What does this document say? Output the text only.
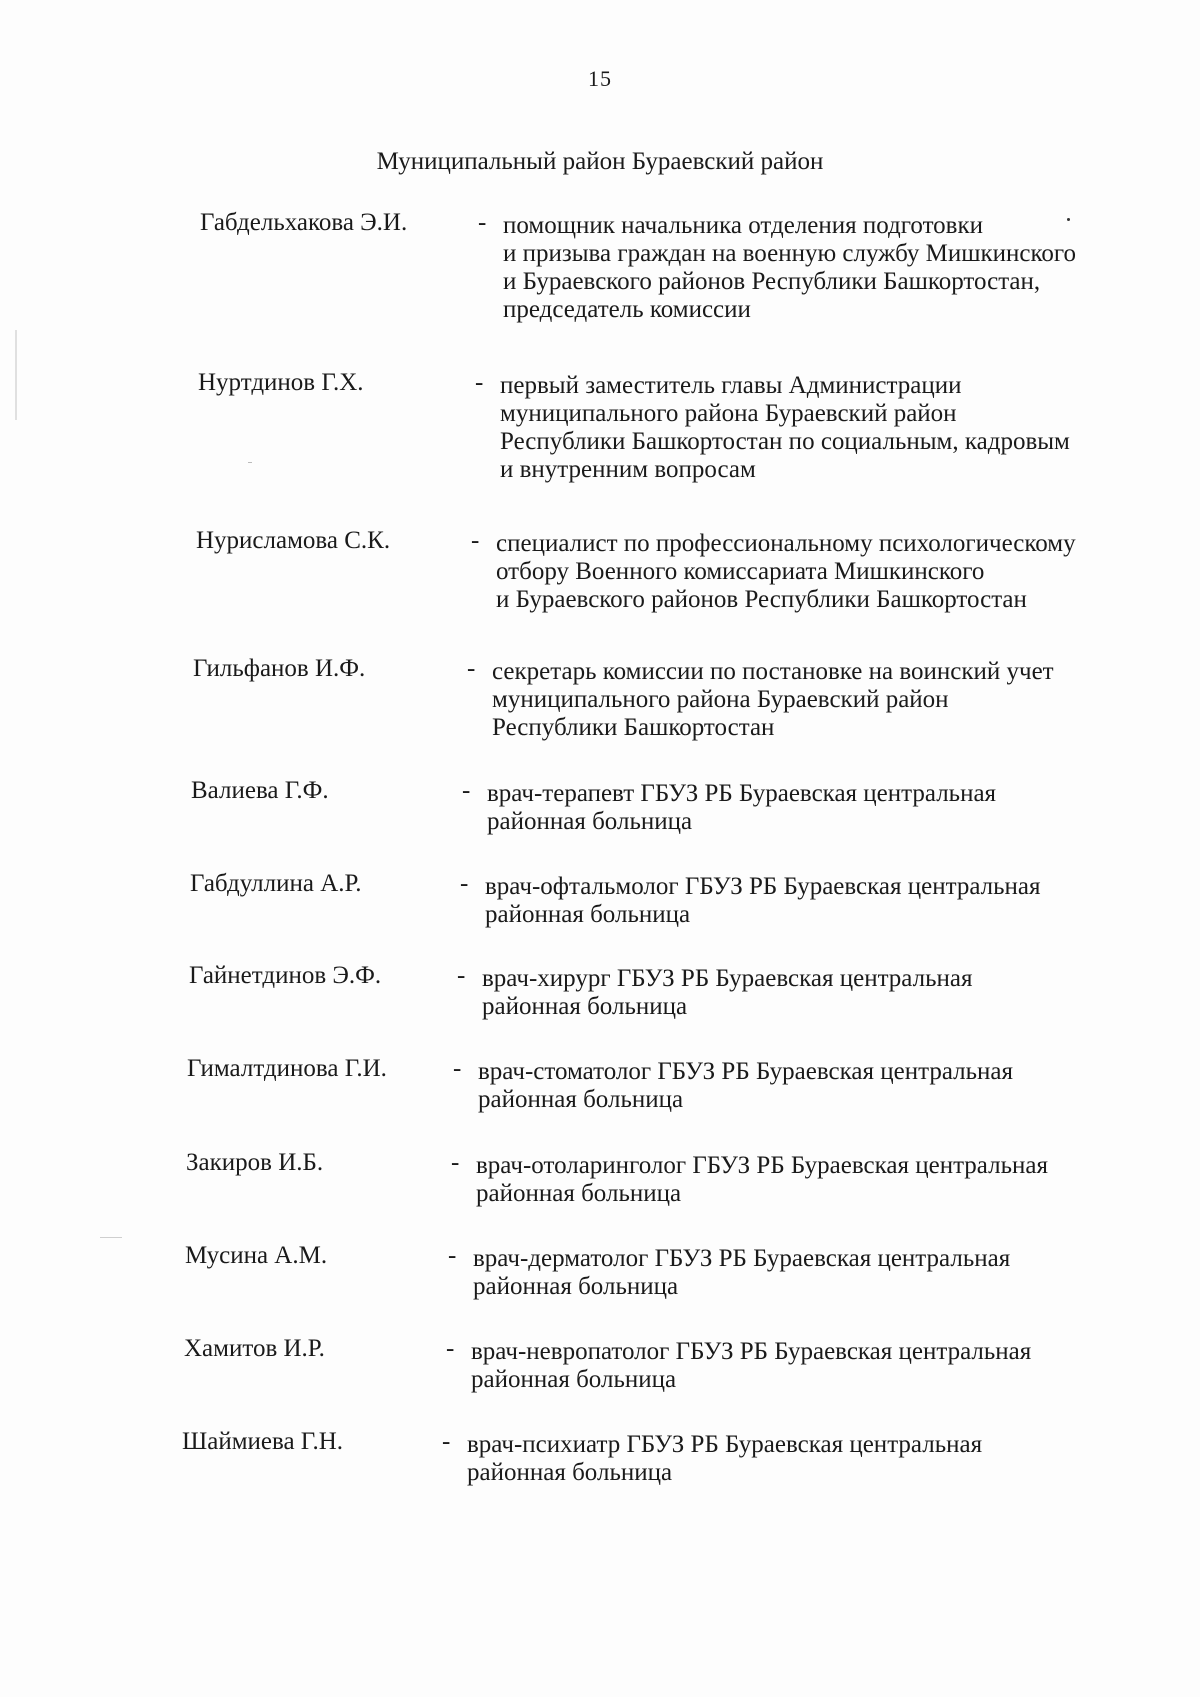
15
Муниципальный район Бураевский район
Габдельхакова Э.И.	- помощник начальника отделения подготовки
и призыва граждан на военную службу Мишкинского
и Бураевского районов Республики Башкортостан,
председатель комиссии
Нуртдинов Г.Х.	- первый заместитель главы Администрации
муниципального района Бураевский район
Республики Башкортостан по социальным, кадровым
и внутренним вопросам
Нурисламова С.К.	- специалист по профессиональному психологическому
отбору Военного комиссариата Мишкинского
и Бураевского районов Республики Башкортостан
Гильфанов И.Ф.	- секретарь комиссии по постановке на воинский учет
муниципального района Бураевский район
Республики Башкортостан
Валиева Г.Ф.	- врач-терапевт ГБУЗ РБ Бураевская центральная
районная больница
Габдуллина А.Р.	- врач-офтальмолог ГБУЗ РБ Бураевская центральная
районная больница
Гайнетдинов Э.Ф.	- врач-хирург ГБУЗ РБ Бураевская центральная
районная больница
Гималтдинова Г.И.	- врач-стоматолог ГБУЗ РБ Бураевская центральная
районная больница
Закиров И.Б.	- врач-отоларинголог ГБУЗ РБ Бураевская центральная
районная больница
Мусина А.М.	- врач-дерматолог ГБУЗ РБ Бураевская центральная
районная больница
Хамитов И.Р.	- врач-невропатолог ГБУЗ РБ Бураевская центральная
районная больница
Шаймиева Г.Н.	- врач-психиатр ГБУЗ РБ Бураевская центральная
районная больница
